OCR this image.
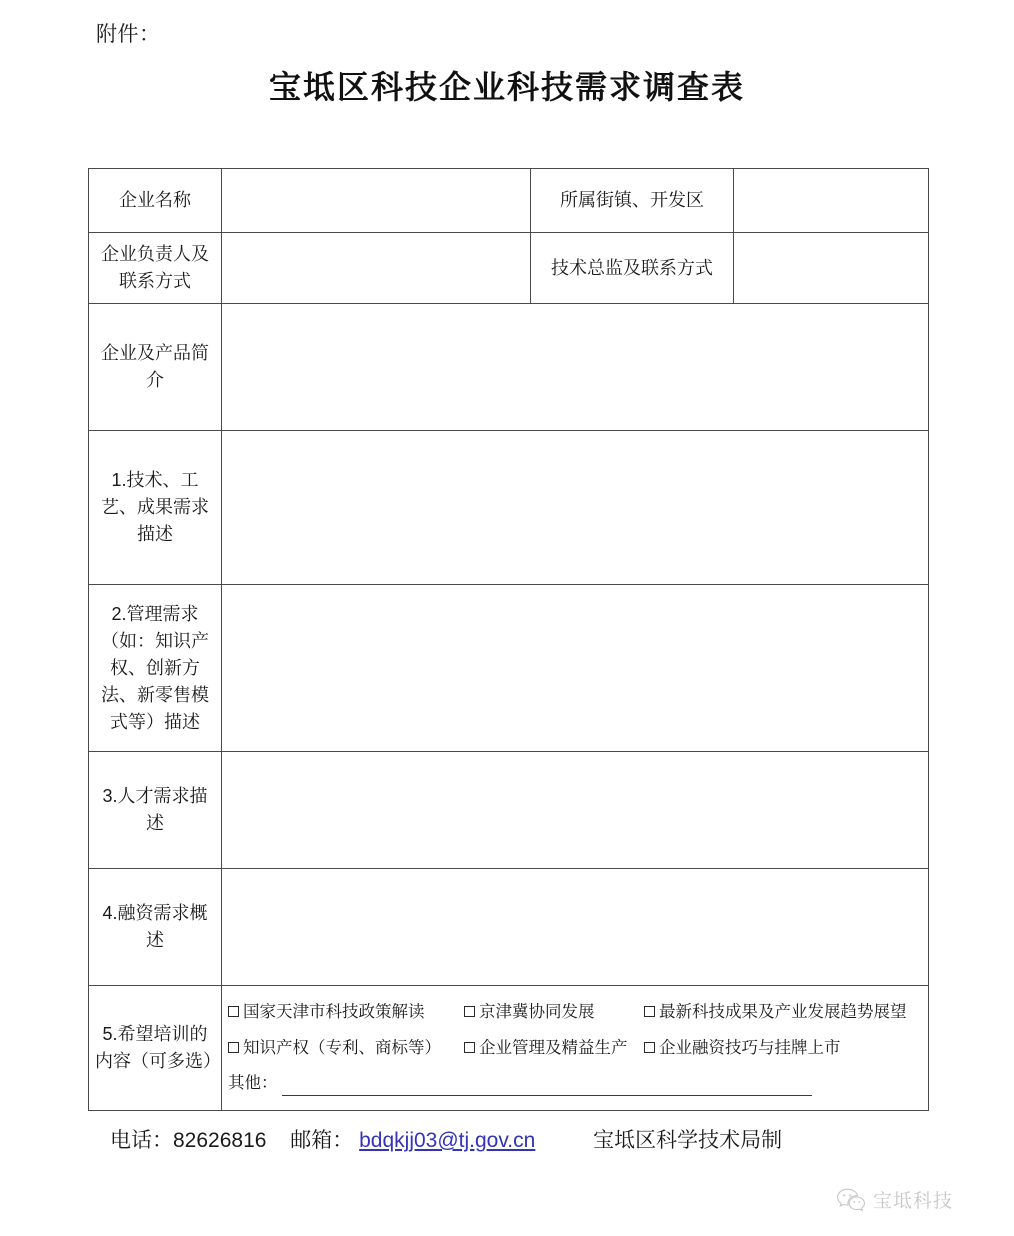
附件：
宝坻区科技企业科技需求调查表
企业名称		所属街镇、开发区	
企业负责人及联系方式		技术总监及联系方式	
企业及产品简介			
1.技术、工艺、成果需求描述			
2.管理需求（如：知识产权、创新方法、新零售模式等）描述			
3.人才需求描述			
4.融资需求概述			
5.希望培训的内容（可多选）	
国家天津市科技政策解读	京津冀协同发展	最新科技成果及产业发展趋势展望
知识产权（专利、商标等） 企业管理及精益生产 企业融资技巧与挂牌上市
其他：
电话：82626816 邮箱： bdqkjj03@tj.gov.cn	宝坻区科学技术局制
宝坻科技
